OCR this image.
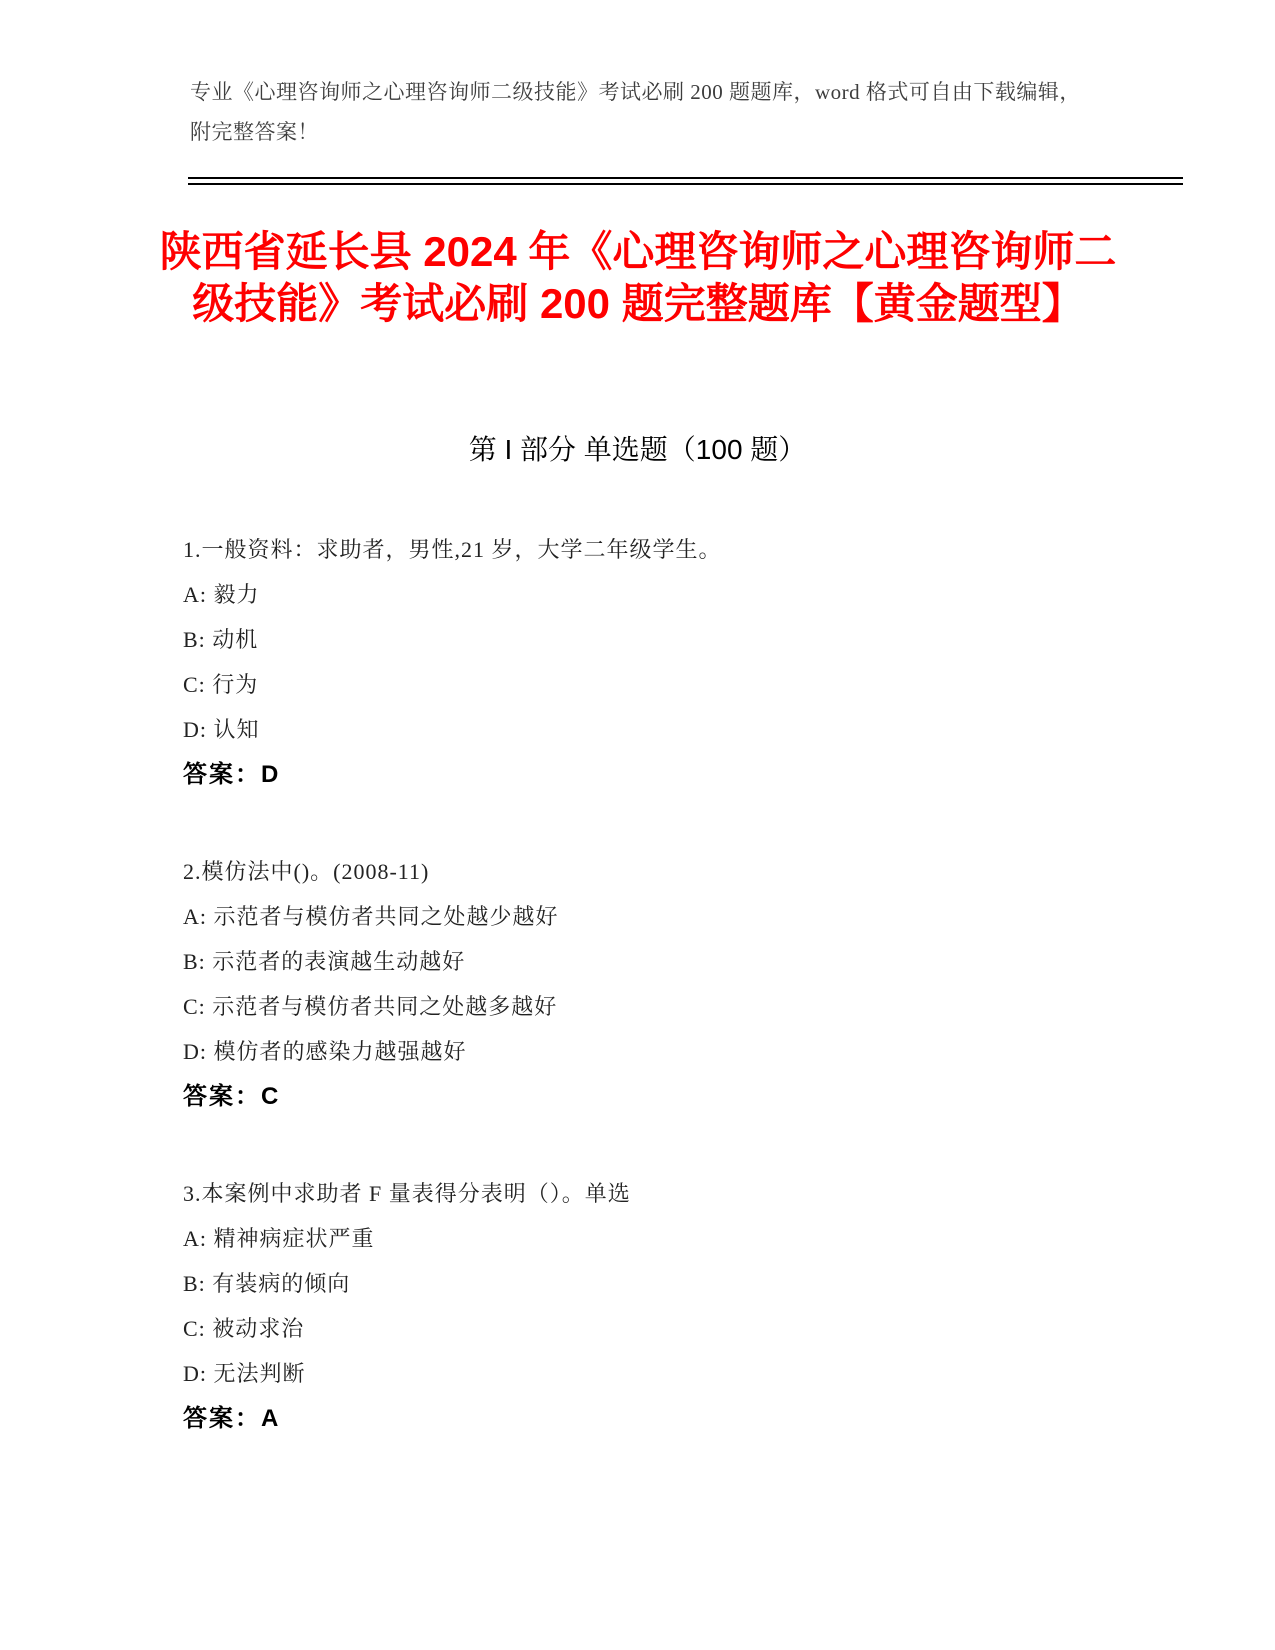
专业《心理咨询师之心理咨询师二级技能》考试必刷 200 题题库，word 格式可自由下载编辑，附完整答案！

陕西省延长县 2024 年《心理咨询师之心理咨询师二级技能》考试必刷 200 题完整题库【黄金题型】
第 I 部分 单选题（100 题）

1.一般资料：求助者，男性,21 岁，大学二年级学生。

A: 毅力

B: 动机

C: 行为

D: 认知

答案：D

2.模仿法中()。(2008-11)

A: 示范者与模仿者共同之处越少越好

B: 示范者的表演越生动越好

C: 示范者与模仿者共同之处越多越好

D: 模仿者的感染力越强越好

答案：C

3.本案例中求助者 F 量表得分表明（）。单选

A: 精神病症状严重

B: 有装病的倾向

C: 被动求治

D: 无法判断

答案：A
